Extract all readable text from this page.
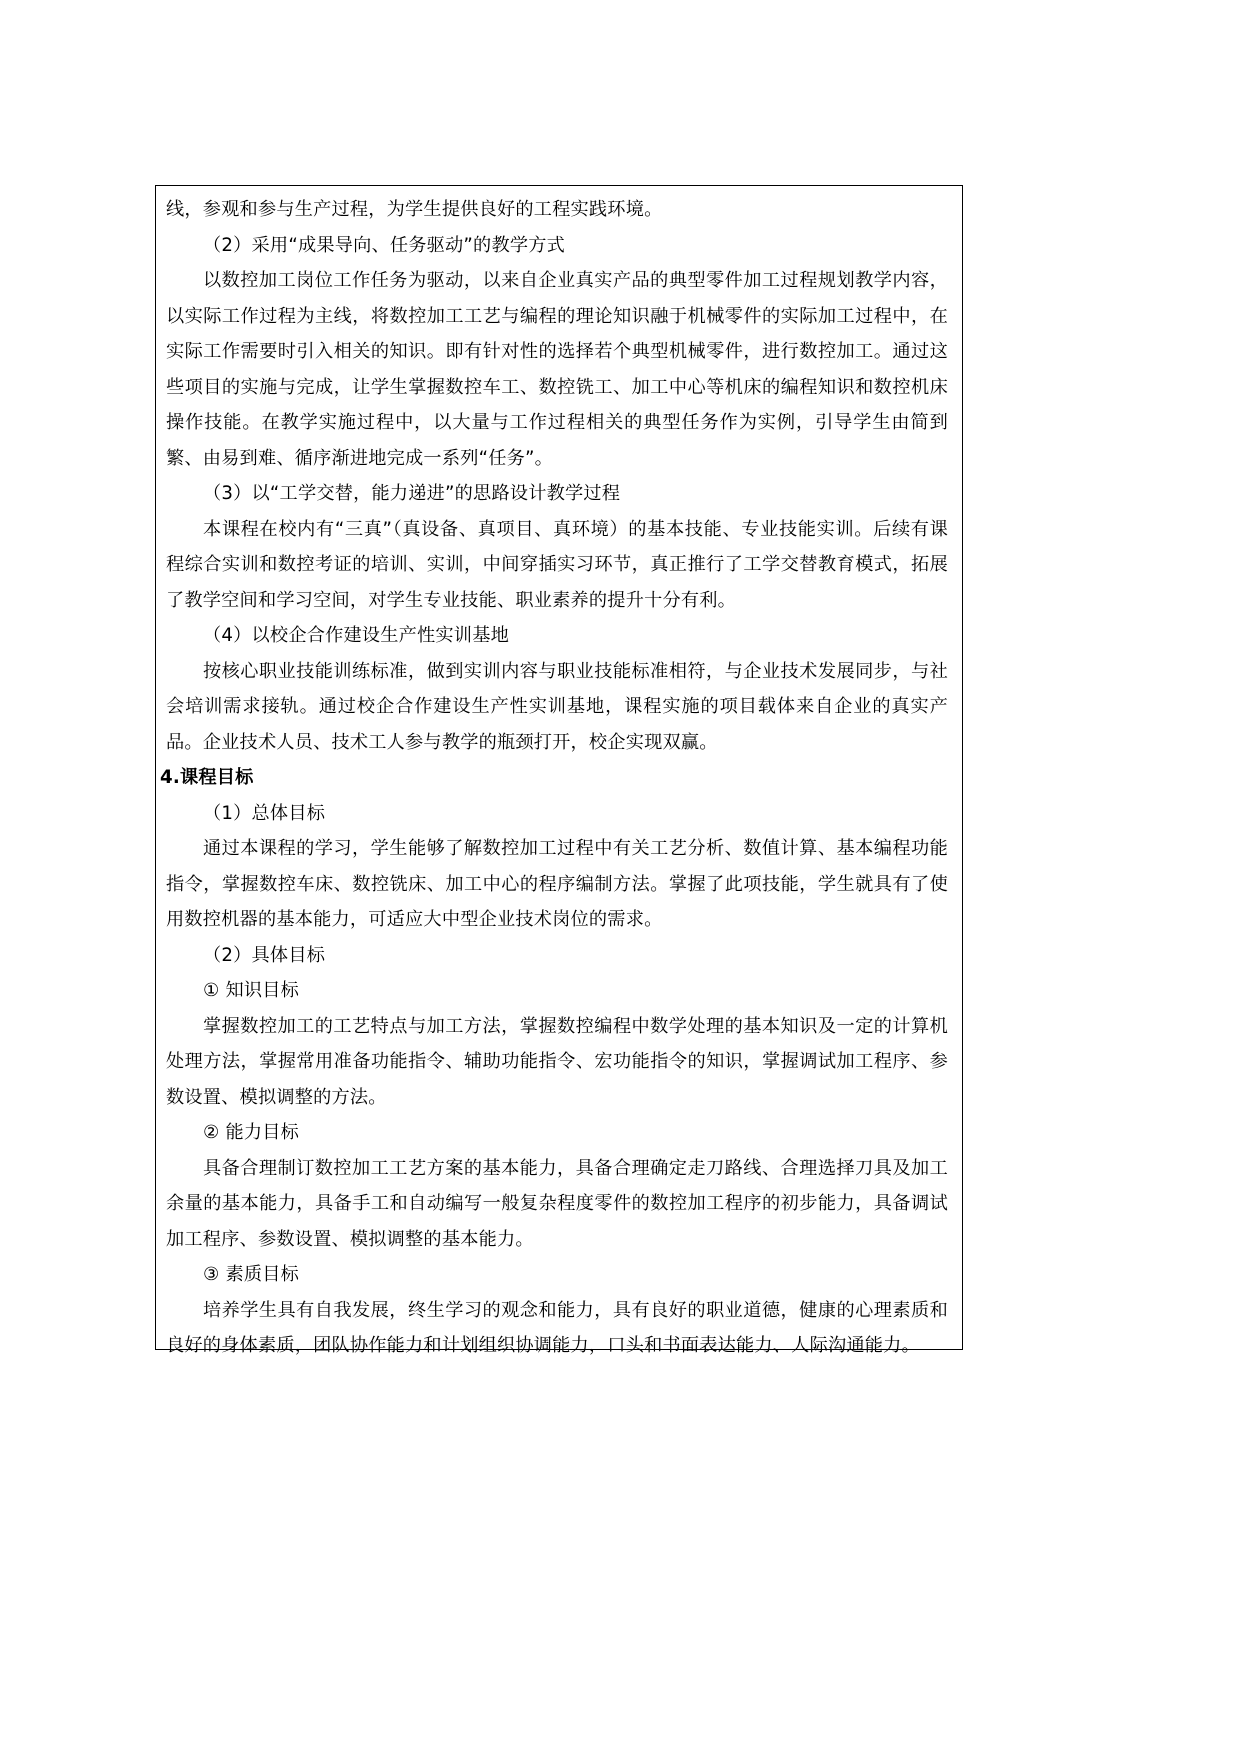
线，参观和参与生产过程，为学生提供良好的工程实践环境。

（2）采用“成果导向、任务驱动”的教学方式

以数控加工岗位工作任务为驱动，以来自企业真实产品的典型零件加工过程规划教学内容，以实际工作过程为主线，将数控加工工艺与编程的理论知识融于机械零件的实际加工过程中，在实际工作需要时引入相关的知识。即有针对性的选择若个典型机械零件，进行数控加工。通过这些项目的实施与完成，让学生掌握数控车工、数控铣工、加工中心等机床的编程知识和数控机床操作技能。在教学实施过程中，以大量与工作过程相关的典型任务作为实例，引导学生由简到繁、由易到难、循序渐进地完成一系列“任务”。

（3）以“工学交替，能力递进”的思路设计教学过程

本课程在校内有“三真”（真设备、真项目、真环境）的基本技能、专业技能实训。后续有课程综合实训和数控考证的培训、实训，中间穿插实习环节，真正推行了工学交替教育模式，拓展了教学空间和学习空间，对学生专业技能、职业素养的提升十分有利。

（4）以校企合作建设生产性实训基地

按核心职业技能训练标准，做到实训内容与职业技能标准相符，与企业技术发展同步，与社会培训需求接轨。通过校企合作建设生产性实训基地，课程实施的项目载体来自企业的真实产品。企业技术人员、技术工人参与教学的瓶颈打开，校企实现双赢。

4.课程目标

（1）总体目标

通过本课程的学习，学生能够了解数控加工过程中有关工艺分析、数值计算、基本编程功能指令，掌握数控车床、数控铣床、加工中心的程序编制方法。掌握了此项技能，学生就具有了使用数控机器的基本能力，可适应大中型企业技术岗位的需求。

（2）具体目标

① 知识目标

掌握数控加工的工艺特点与加工方法，掌握数控编程中数学处理的基本知识及一定的计算机处理方法，掌握常用准备功能指令、辅助功能指令、宏功能指令的知识，掌握调试加工程序、参数设置、模拟调整的方法。

② 能力目标

具备合理制订数控加工工艺方案的基本能力，具备合理确定走刀路线、合理选择刀具及加工余量的基本能力，具备手工和自动编写一般复杂程度零件的数控加工程序的初步能力，具备调试加工程序、参数设置、模拟调整的基本能力。

③ 素质目标

培养学生具有自我发展，终生学习的观念和能力，具有良好的职业道德，健康的心理素质和良好的身体素质，团队协作能力和计划组织协调能力，口头和书面表达能力、人际沟通能力。
